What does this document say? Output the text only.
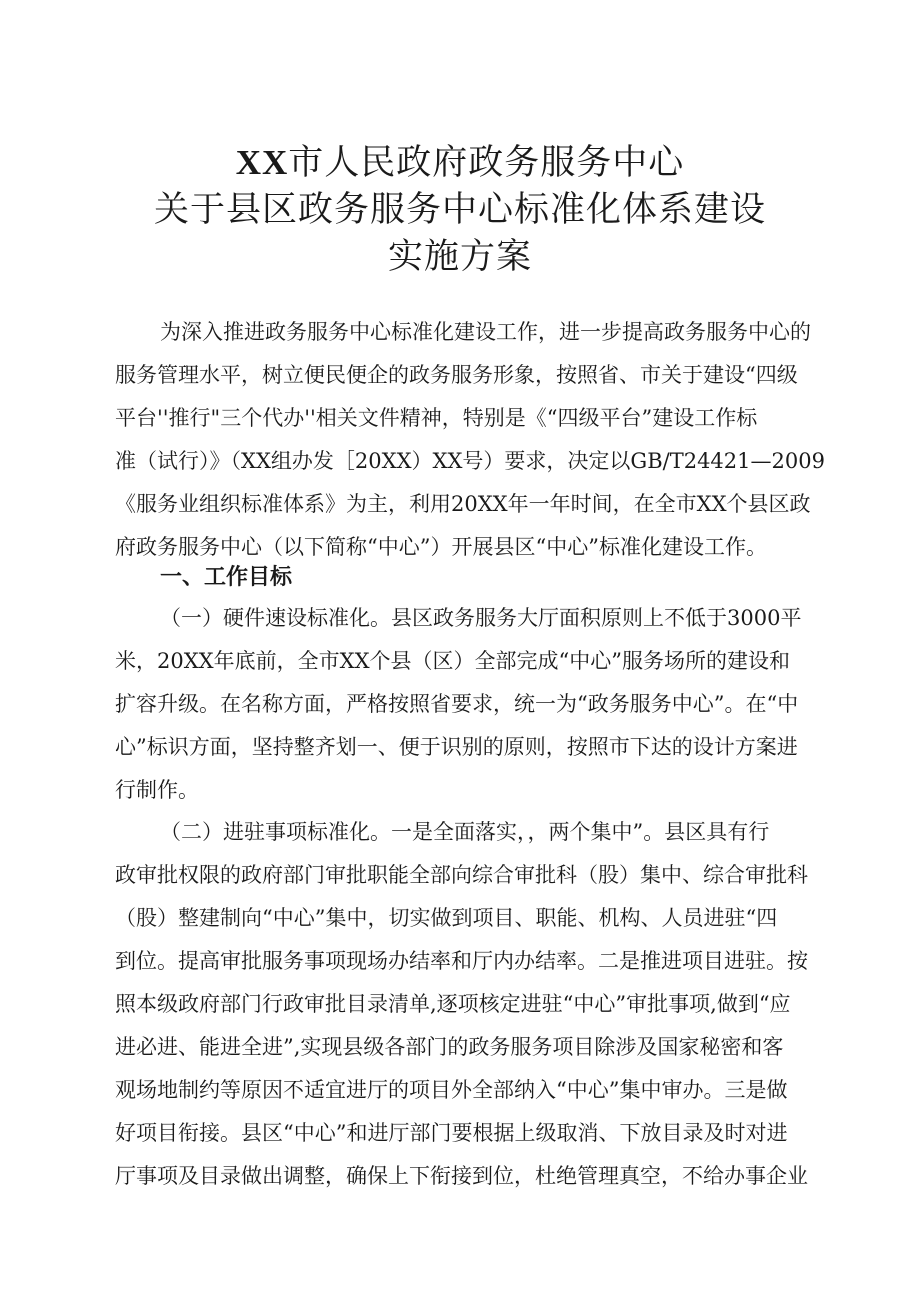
XX市人民政府政务服务中心
关于县区政务服务中心标准化体系建设
实施方案
为深入推进政务服务中心标准化建设工作，进一步提高政务服务中心的
服务管理水平，树立便民便企的政务服务形象，按照省、市关于建设“四级
平台''推行"三个代办''相关文件精神，特别是《“四级平台”建设工作标
准（试行）》（XX组办发［20XX）XX号）要求，决定以GB/T24421—2009
《服务业组织标准体系》为主，利用20XX年一年时间，在全市XX个县区政
府政务服务中心（以下简称“中心”）开展县区“中心”标准化建设工作。
一、工作目标
（一）硬件速设标准化。县区政务服务大厅面积原则上不低于3000平
米，20XX年底前，全市XX个县（区）全部完成“中心”服务场所的建设和
扩容升级。在名称方面，严格按照省要求，统一为“政务服务中心”。在“中
心”标识方面，坚持整齐划一、便于识别的原则，按照市下达的设计方案进
行制作。
（二）进驻事项标准化。一是全面落实，，两个集中”。县区具有行
政审批权限的政府部门审批职能全部向综合审批科（股）集中、综合审批科
（股）整建制向“中心”集中，切实做到项目、职能、机构、人员进驻“四
到位。提高审批服务事项现场办结率和厅内办结率。二是推进项目进驻。按
照本级政府部门行政审批目录清单,逐项核定进驻“中心”审批事项,做到“应
进必进、能进全进”,实现县级各部门的政务服务项目除涉及国家秘密和客
观场地制约等原因不适宜进厅的项目外全部纳入“中心”集中审办。三是做
好项目衔接。县区“中心”和进厅部门要根据上级取消、下放目录及时对进
厅事项及目录做出调整，确保上下衔接到位，杜绝管理真空，不给办事企业
